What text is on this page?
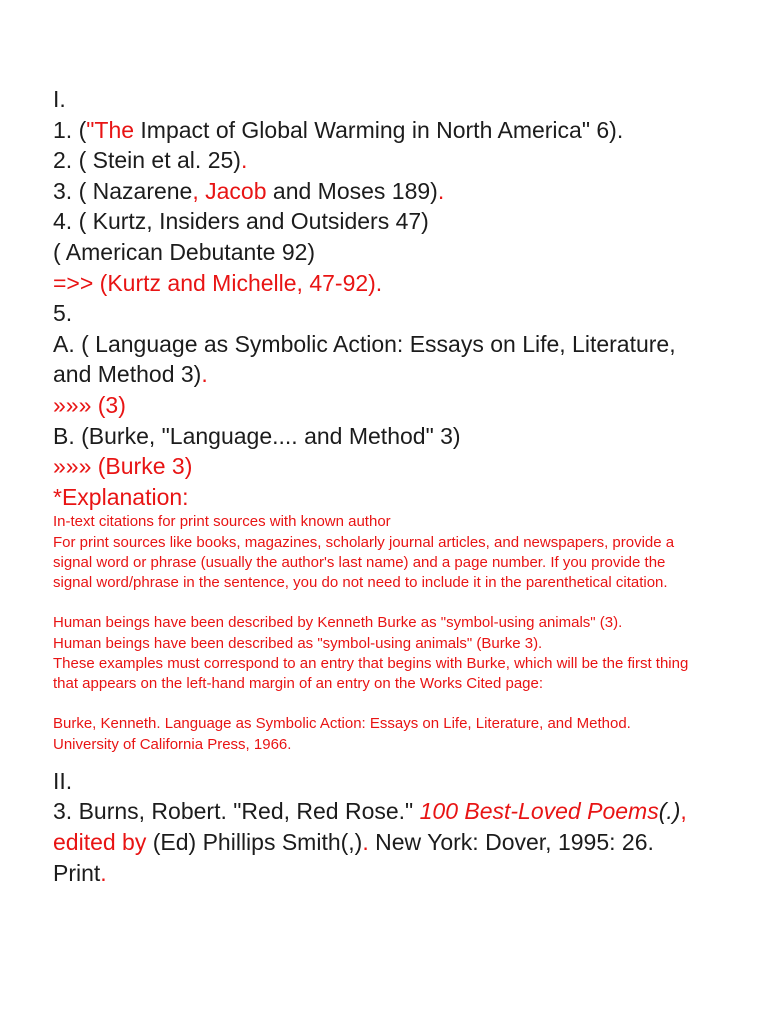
I.
1. ("The Impact of Global Warming in North America" 6).
2. ( Stein et al. 25).
3. ( Nazarene, Jacob and Moses 189).
4. ( Kurtz, Insiders and Outsiders 47)
( American Debutante 92)
=>> (Kurtz and Michelle, 47-92).
5.
A. ( Language as Symbolic Action: Essays on Life, Literature,
and Method 3).
»»» (3)
B. (Burke, "Language.... and Method" 3)
»»» (Burke 3)
*Explanation:
In-text citations for print sources with known author
For print sources like books, magazines, scholarly journal articles, and newspapers, provide a
signal word or phrase (usually the author's last name) and a page number. If you provide the
signal word/phrase in the sentence, you do not need to include it in the parenthetical citation.
Human beings have been described by Kenneth Burke as "symbol-using animals" (3).
Human beings have been described as "symbol-using animals" (Burke 3).
These examples must correspond to an entry that begins with Burke, which will be the first thing
that appears on the left-hand margin of an entry on the Works Cited page:
Burke, Kenneth. Language as Symbolic Action: Essays on Life, Literature, and Method.
University of California Press, 1966.
II.
3. Burns, Robert. "Red, Red Rose." 100 Best-Loved Poems(.),
edited by (Ed) Phillips Smith(,). New York: Dover, 1995: 26.
Print.
